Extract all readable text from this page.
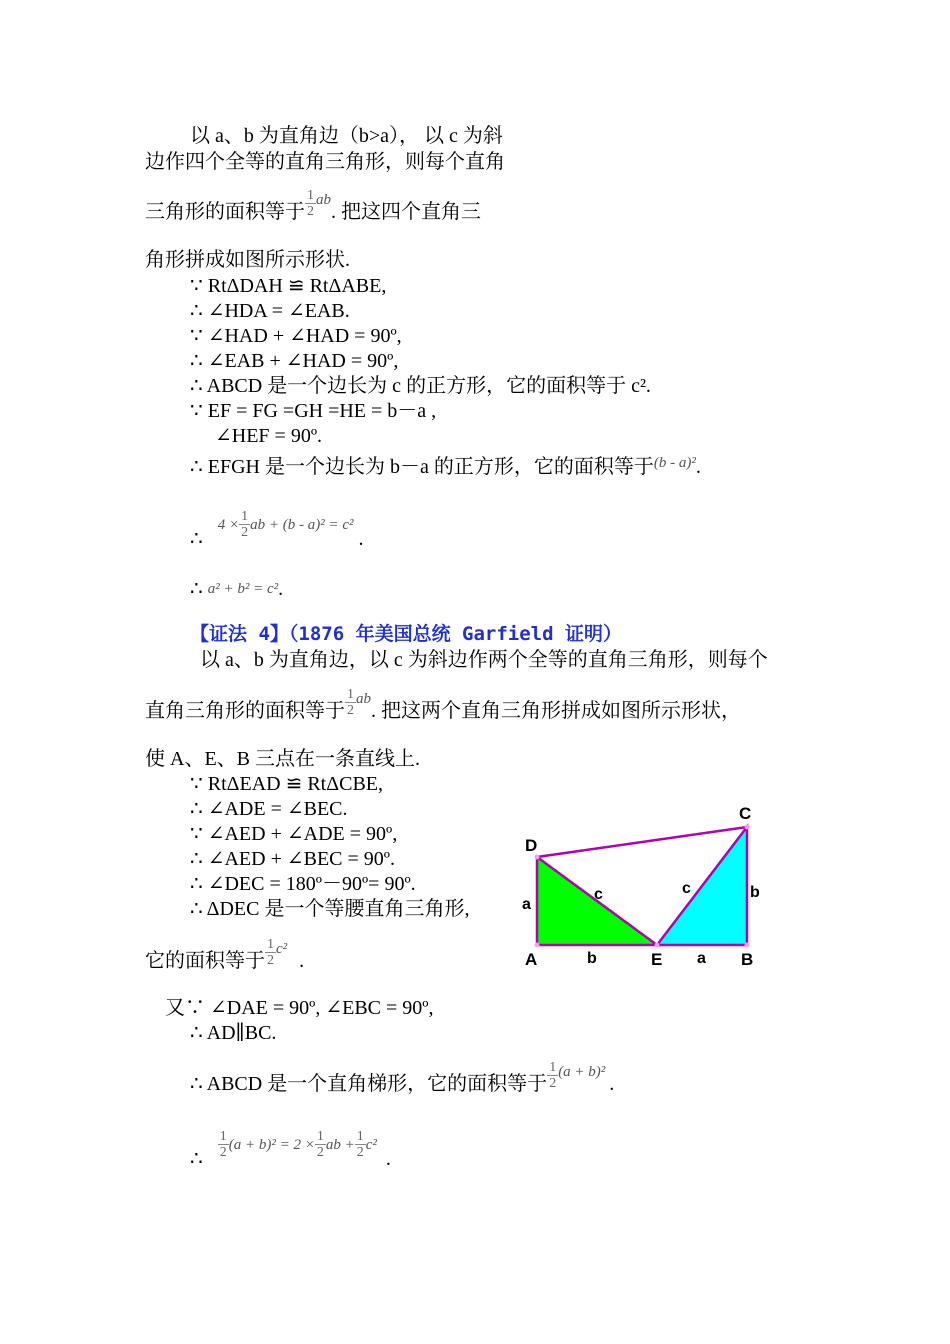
以 a、b 为直角边（b>a）， 以 c 为斜
边作四个全等的直角三角形，则每个直角
三角形的面积等于 $\frac{1}{2} ^{ab}$. 把这四个直角三
角形拼成如图所示形状.
∵ RtΔDAH ≌ RtΔABE,
∴ ∠HDA = ∠EAB.
∵ ∠HAD + ∠HAD = 90º,
∴ ∠EAB + ∠HAD = 90º,
∴ ABCD 是一个边长为 c 的正方形，它的面积等于 c².
∵ EF = FG =GH =HE = b－a ,
∠HEF = 90º.
∴ EFGH 是一个边长为 b－a 的正方形，它的面积等于$^{(b - a)^2}$.
∴ $4 \times \frac{1}{2}$ ab + (b - a)² = c² .
∴ a² + b² = c².
【证法 4】（1876 年美国总统 Garfield 证明）
以 a、b 为直角边，以 c 为斜边作两个全等的直角三角形，则每个
直角三角形的面积等于 $\frac{1}{2} ^{ab}$. 把这两个直角三角形拼成如图所示形状，
使 A、E、B 三点在一条直线上.
∵ RtΔEAD ≌ RtΔCBE,
∴ ∠ADE = ∠BEC.
∵ ∠AED + ∠ADE = 90º,
∴ ∠AED + ∠BEC = 90º.
∴ ∠DEC = 180º－90º= 90º.
∴ ΔDEC 是一个等腰直角三角形,
它的面积等于 $\frac{1}{2} ^{c^2}$.
又∵ ∠DAE = 90º, ∠EBC = 90º,
∴ AD∥BC.
∴ ABCD 是一个直角梯形，它的面积等于 $\frac{1}{2} ^{(a + b)^2}$.
∴ $\frac{1}{2} (a + b)^2 = 2 \times \frac{1}{2}$ ab + $\frac{1}{2} c^2$ .
D
C
A	E	B
a
b
c	c
a
b
